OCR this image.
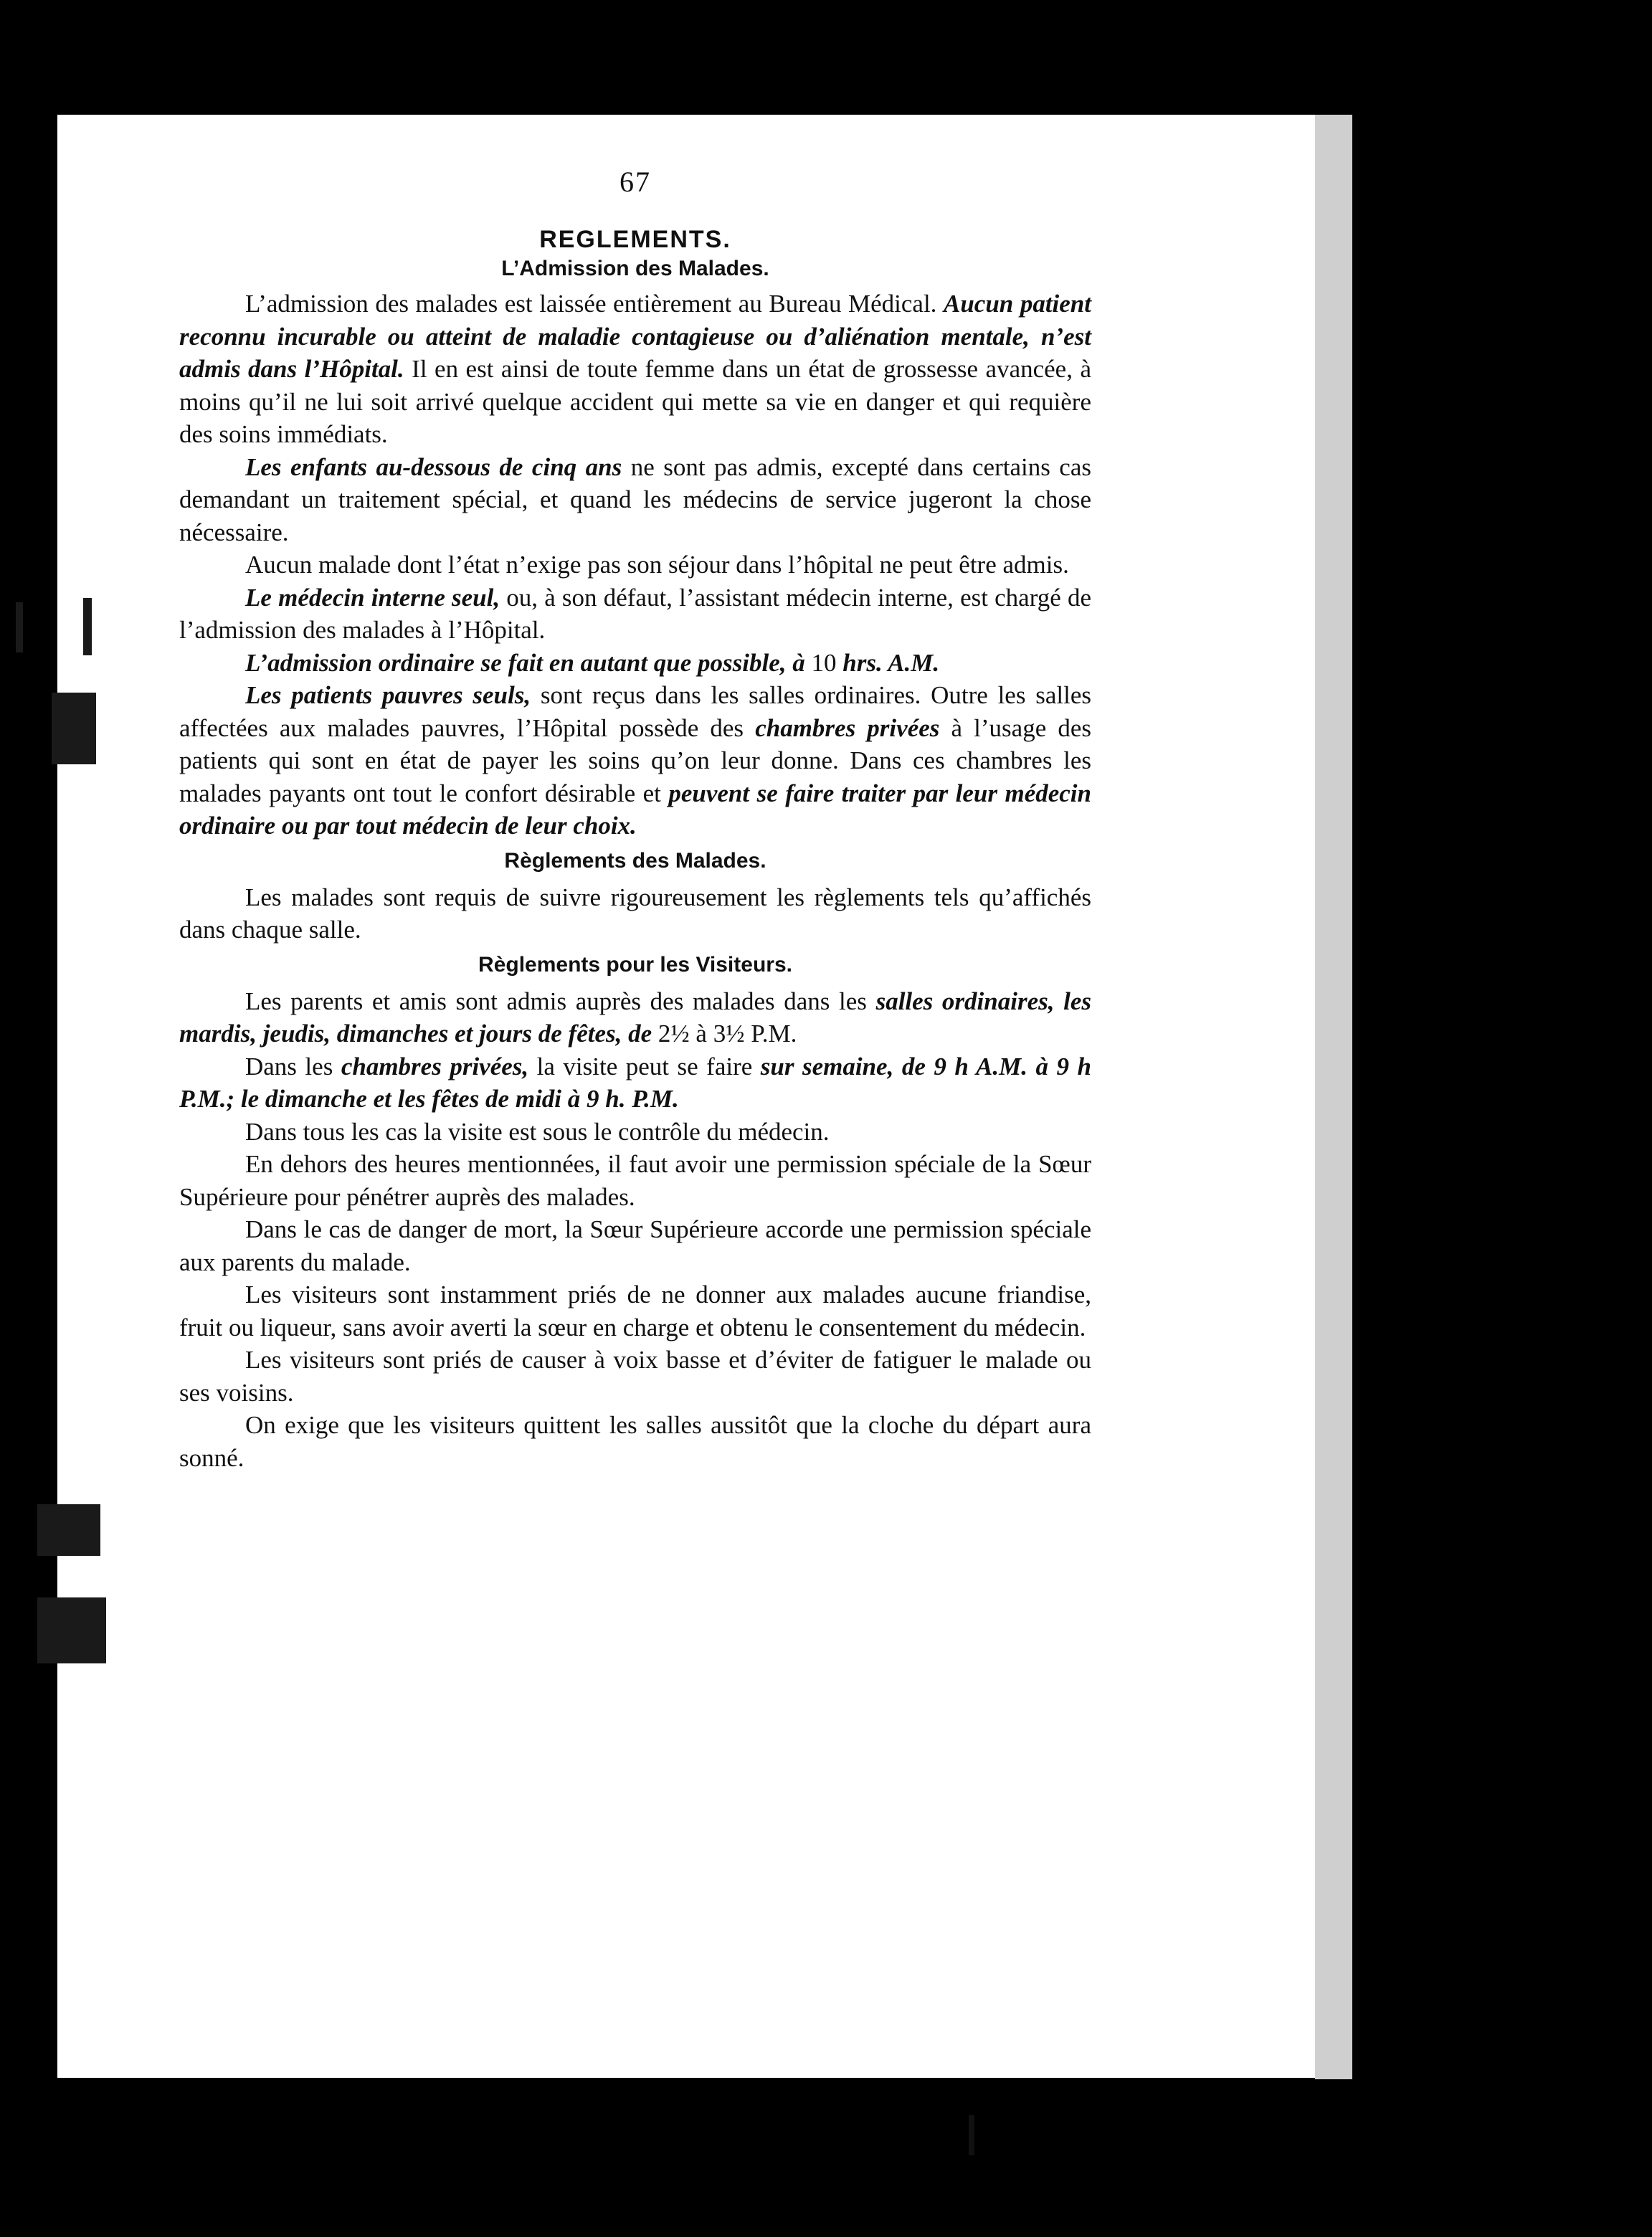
67
REGLEMENTS.
L’Admission des Malades.

L’admission des malades est laissée entièrement au Bureau Médical. Aucun patient reconnu incurable ou atteint de maladie contagieuse ou d’aliénation mentale, n’est admis dans l’Hôpital. Il en est ainsi de toute femme dans un état de grossesse avancée, à moins qu’il ne lui soit arrivé quelque accident qui mette sa vie en danger et qui requière des soins immédiats.

Les enfants au-dessous de cinq ans ne sont pas admis, excepté dans certains cas demandant un traitement spécial, et quand les médecins de service jugeront la chose nécessaire.

Aucun malade dont l’état n’exige pas son séjour dans l’hôpital ne peut être admis.

Le médecin interne seul, ou, à son défaut, l’assistant médecin interne, est chargé de l’admission des malades à l’Hôpital.

L’admission ordinaire se fait en autant que possible, à 10 hrs. A.M.

Les patients pauvres seuls, sont reçus dans les salles ordinaires. Outre les salles affectées aux malades pauvres, l’Hôpital possède des chambres privées à l’usage des patients qui sont en état de payer les soins qu’on leur donne. Dans ces chambres les malades payants ont tout le confort désirable et peuvent se faire traiter par leur médecin ordinaire ou par tout médecin de leur choix.

Règlements des Malades.

Les malades sont requis de suivre rigoureusement les règlements tels qu’affichés dans chaque salle.

Règlements pour les Visiteurs.

Les parents et amis sont admis auprès des malades dans les salles ordinaires, les mardis, jeudis, dimanches et jours de fêtes, de 2½ à 3½ P.M.

Dans les chambres privées, la visite peut se faire sur semaine, de 9 h A.M. à 9 h P.M.; le dimanche et les fêtes de midi à 9 h. P.M.

Dans tous les cas la visite est sous le contrôle du médecin.

En dehors des heures mentionnées, il faut avoir une permission spéciale de la Sœur Supérieure pour pénétrer auprès des malades.

Dans le cas de danger de mort, la Sœur Supérieure accorde une permission spéciale aux parents du malade.

Les visiteurs sont instamment priés de ne donner aux malades aucune friandise, fruit ou liqueur, sans avoir averti la sœur en charge et obtenu le consentement du médecin.

Les visiteurs sont priés de causer à voix basse et d’éviter de fatiguer le malade ou ses voisins.

On exige que les visiteurs quittent les salles aussitôt que la cloche du départ aura sonné.
